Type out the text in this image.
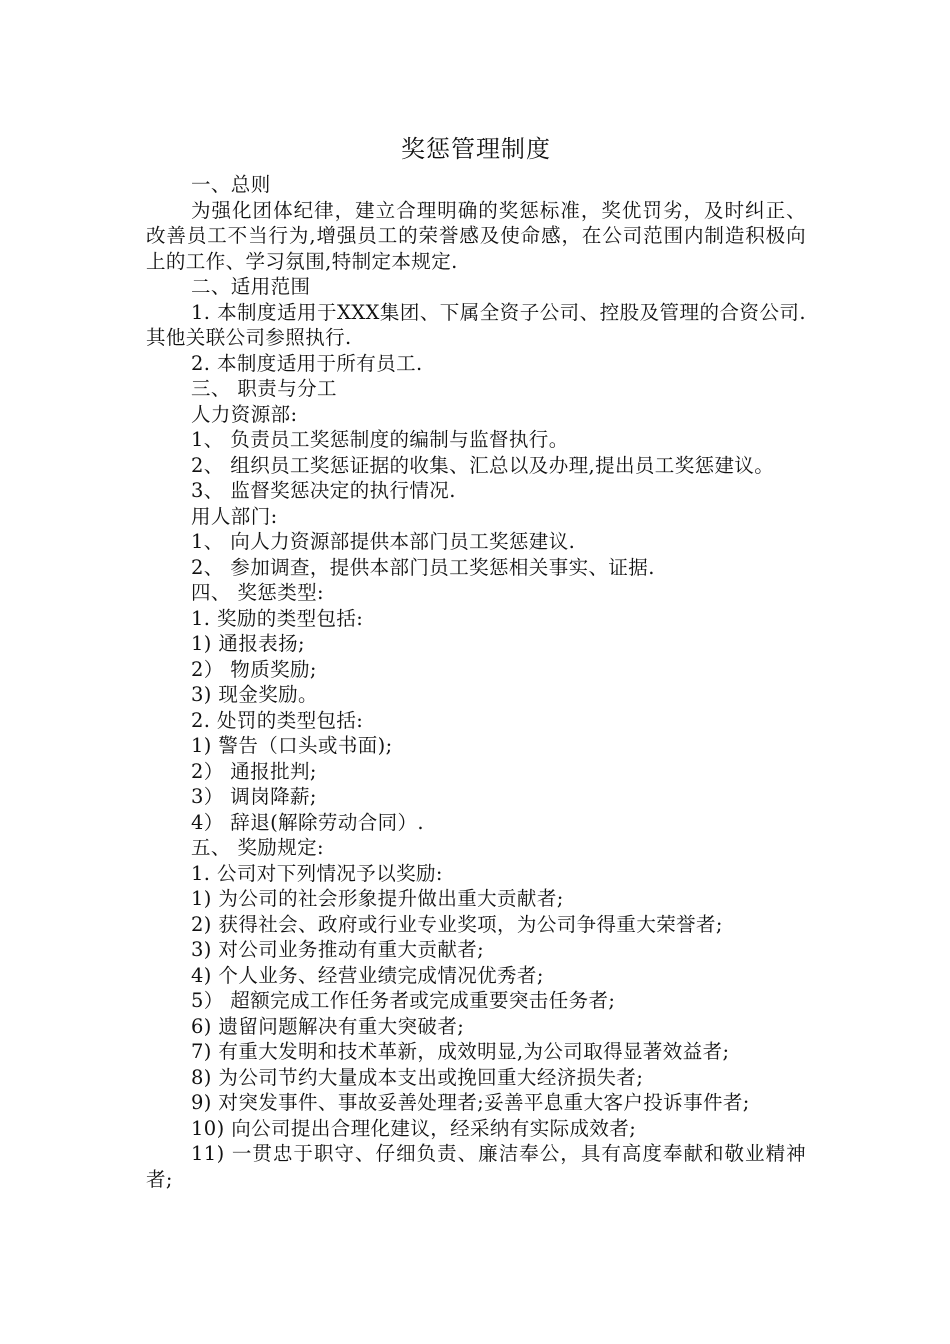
奖惩管理制度

一、总则

为强化团体纪律，建立合理明确的奖惩标准，奖优罚劣，及时纠正、改善员工不当行为,增强员工的荣誉感及使命感，在公司范围内制造积极向上的工作、学习氛围,特制定本规定.

二、适用范围

1. 本制度适用于XXX集团、下属全资子公司、控股及管理的合资公司.其他关联公司参照执行.

2. 本制度适用于所有员工.

三、 职责与分工

人力资源部:

1、 负责员工奖惩制度的编制与监督执行。

2、 组织员工奖惩证据的收集、汇总以及办理,提出员工奖惩建议。

3、 监督奖惩决定的执行情况.

用人部门:

1、 向人力资源部提供本部门员工奖惩建议.

2、 参加调查，提供本部门员工奖惩相关事实、证据.

四、 奖惩类型:

1. 奖励的类型包括:

1) 通报表扬;

2） 物质奖励;

3) 现金奖励。

2. 处罚的类型包括:

1) 警告（口头或书面);

2） 通报批判;

3） 调岗降薪;

4） 辞退(解除劳动合同）.

五、 奖励规定:

1. 公司对下列情况予以奖励:

1) 为公司的社会形象提升做出重大贡献者;

2) 获得社会、政府或行业专业奖项，为公司争得重大荣誉者;

3) 对公司业务推动有重大贡献者;

4) 个人业务、经营业绩完成情况优秀者;

5） 超额完成工作任务者或完成重要突击任务者;

6) 遗留问题解决有重大突破者;

7) 有重大发明和技术革新，成效明显,为公司取得显著效益者;

8) 为公司节约大量成本支出或挽回重大经济损失者;

9) 对突发事件、事故妥善处理者;妥善平息重大客户投诉事件者;

10) 向公司提出合理化建议，经采纳有实际成效者;

11) 一贯忠于职守、仔细负责、廉洁奉公，具有高度奉献和敬业精神者;
